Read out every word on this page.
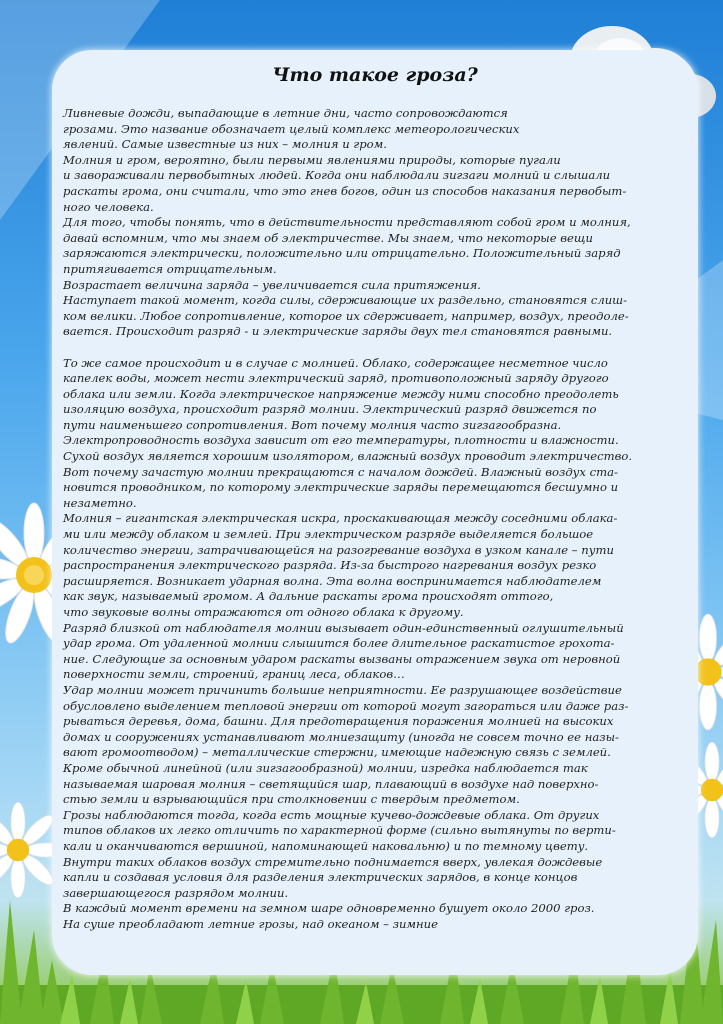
Что такое гроза?

Ливневые дожди, выпадающие в летние дни, часто сопровождаются

грозами. Это название обозначает целый комплекс метеорологических

явлений. Самые известные из них – молния и гром.

Молния и гром, вероятно, были первыми явлениями природы, которые пугали

и завораживали первобытных людей. Когда они наблюдали зигзаги молний и слышали

раскаты грома, они считали, что это гнев богов, один из способов наказания первобыт-

ного человека.

Для того, чтобы понять, что в действительности представляют собой гром и молния,

давай вспомним, что мы знаем об электричестве. Мы знаем, что некоторые вещи

заряжаются электрически, положительно или отрицательно. Положительный заряд

притягивается отрицательным.

Возрастает величина заряда – увеличивается сила притяжения.

Наступает такой момент, когда силы, сдерживающие их раздельно, становятся слиш-

ком велики. Любое сопротивление, которое их сдерживает, например, воздух, преодоле-

вается. Происходит разряд - и электрические заряды двух тел становятся равными.

То же самое происходит и в случае с молнией. Облако, содержащее несметное число

капелек воды, может нести электрический заряд, противоположный заряду другого

облака или земли. Когда электрическое напряжение между ними способно преодолеть

изоляцию воздуха, происходит разряд молнии. Электрический разряд движется по

пути наименьшего сопротивления. Вот почему молния часто зигзагообразна.

Электропроводность воздуха зависит от его температуры, плотности и влажности.

Сухой воздух является хорошим изолятором, влажный воздух проводит электричество.

Вот почему зачастую молнии прекращаются с началом дождей. Влажный воздух ста-

новится проводником, по которому электрические заряды перемещаются бесшумно и

незаметно.

Молния – гигантская электрическая искра, проскакивающая между соседними облака-

ми или между облаком и землей. При электрическом разряде выделяется большое

количество энергии, затрачивающейся на разогревание воздуха в узком канале – пути

распространения электрического разряда. Из-за быстрого нагревания воздух резко

расширяется. Возникает ударная волна. Эта волна воспринимается наблюдателем

как звук, называемый громом. А дальние раскаты грома происходят оттого,

что звуковые волны отражаются от одного облака к другому.

Разряд близкой от наблюдателя молнии вызывает один-единственный оглушительный

удар грома. От удаленной молнии слышится более длительное раскатистое грохота-

ние. Следующие за основным ударом раскаты вызваны отражением звука от неровной

поверхности земли, строений, границ леса, облаков…

Удар молнии может причинить большие неприятности. Ее разрушающее воздействие

обусловлено выделением тепловой энергии от которой могут загораться или даже раз-

рываться деревья, дома, башни. Для предотвращения поражения молнией на высоких

домах и сооружениях устанавливают молниезащиту (иногда не совсем точно ее назы-

вают громоотводом) – металлические стержни, имеющие надежную связь с землей.

Кроме обычной линейной (или зигзагообразной) молнии, изредка наблюдается так

называемая шаровая молния – светящийся шар, плавающий в воздухе над поверхно-

стью земли и взрывающийся при столкновении с твердым предметом.

Грозы наблюдаются тогда, когда есть мощные кучево-дождевые облака. От других

типов облаков их легко отличить по характерной форме (сильно вытянуты по верти-

кали и оканчиваются вершиной, напоминающей наковальню) и по темному цвету.

Внутри таких облаков воздух стремительно поднимается вверх, увлекая дождевые

капли и создавая условия для разделения электрических зарядов, в конце концов

завершающегося разрядом молнии.

В каждый момент времени на земном шаре одновременно бушует около 2000 гроз.

На суше преобладают летние грозы, над океаном – зимние
